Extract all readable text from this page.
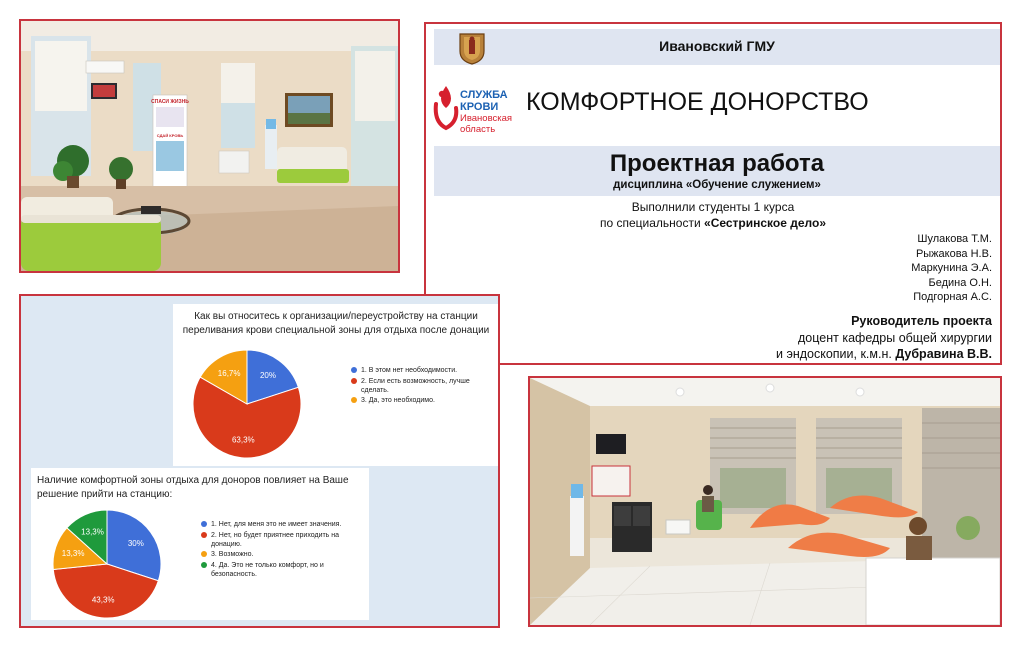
СПАСИ ЖИЗНЬ
СДАЙ КРОВЬ
Ивановский ГМУ
СЛУЖБА
КРОВИ
Ивановская
область
КОМФОРТНОЕ ДОНОРСТВО
Проектная работа
дисциплина «Обучение служением»
Выполнили студенты 1 курса
по специальности «Сестринское дело»
Шулакова Т.М.
Рыжакова Н.В.
Маркунина Э.А.
Бедина О.Н.
Подгорная А.С.
Руководитель проекта
доцент кафедры общей хирургии
и эндоскопии, к.м.н. Дубравина В.В.
Как вы относитесь к организации/переустройству на станции переливания крови специальной зоны для отдыха после донации
20%
63,3%
16,7%	1. В этом нет необходимости.
2. Если есть возможность, лучше сделать.
3. Да, это необходимо.
Наличие комфортной зоны отдыха для доноров повлияет на Ваше решение прийти на станцию:
30%
43,3%
13,3%
13,3%
1. Нет, для меня это не имеет значения.
2. Нет, но будет приятнее приходить на донацию.
3. Возможно.
4. Да. Это не только комфорт, но и безопасность.
